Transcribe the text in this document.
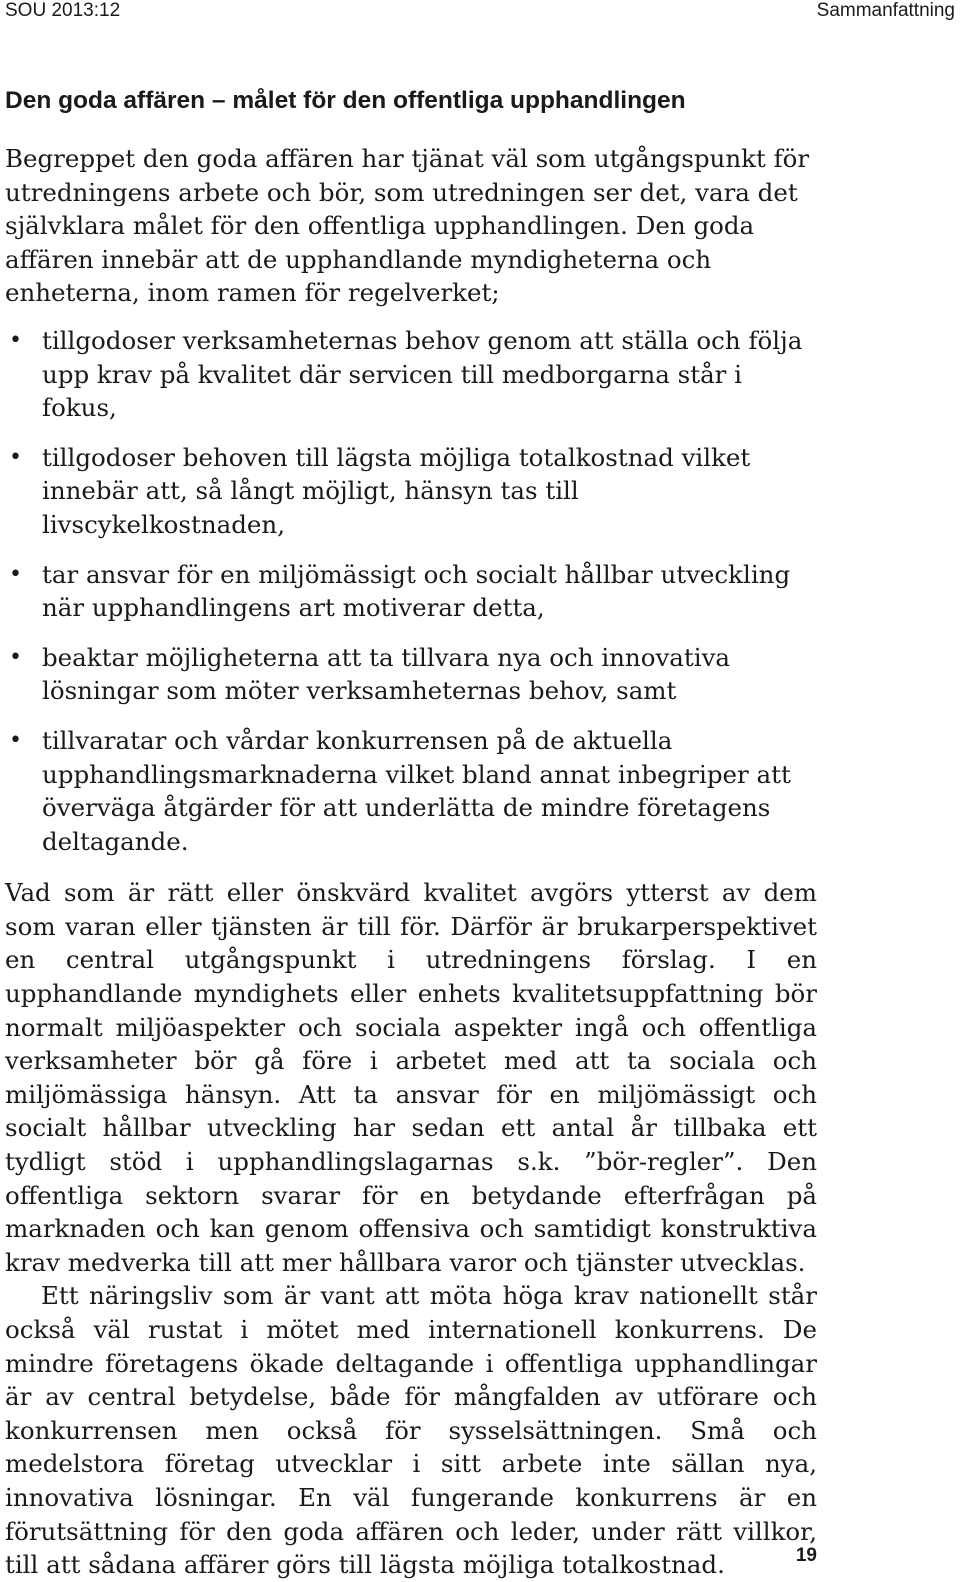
SOU 2013:12	Sammanfattning
Den goda affären – målet för den offentliga upphandlingen

Begreppet den goda affären har tjänat väl som utgångspunkt för utredningens arbete och bör, som utredningen ser det, vara det självklara målet för den offentliga upphandlingen. Den goda affären innebär att de upphandlande myndigheterna och enheterna, inom ramen för regelverket;

• tillgodoser verksamheternas behov genom att ställa och följa upp krav på kvalitet där servicen till medborgarna står i fokus,
• tillgodoser behoven till lägsta möjliga totalkostnad vilket innebär att, så långt möjligt, hänsyn tas till livscykelkostnaden,
• tar ansvar för en miljömässigt och socialt hållbar utveckling när upphandlingens art motiverar detta,
• beaktar möjligheterna att ta tillvara nya och innovativa lösningar som möter verksamheternas behov, samt
• tillvaratar och vårdar konkurrensen på de aktuella upphandlingsmarknaderna vilket bland annat inbegriper att överväga åtgärder för att underlätta de mindre företagens deltagande.

Vad som är rätt eller önskvärd kvalitet avgörs ytterst av dem som varan eller tjänsten är till för. Därför är brukarperspektivet en central utgångspunkt i utredningens förslag. I en upphandlande myndighets eller enhets kvalitetsuppfattning bör normalt miljöaspekter och sociala aspekter ingå och offentliga verksamheter bör gå före i arbetet med att ta sociala och miljömässiga hänsyn. Att ta ansvar för en miljömässigt och socialt hållbar utveckling har sedan ett antal år tillbaka ett tydligt stöd i upphandlingslagarnas s.k. ”bör-regler”. Den offentliga sektorn svarar för en betydande efterfrågan på marknaden och kan genom offensiva och samtidigt konstruktiva krav medverka till att mer hållbara varor och tjänster utvecklas.

Ett näringsliv som är vant att möta höga krav nationellt står också väl rustat i mötet med internationell konkurrens. De mindre företagens ökade deltagande i offentliga upphandlingar är av central betydelse, både för mångfalden av utförare och konkurrensen men också för sysselsättningen. Små och medelstora företag utvecklar i sitt arbete inte sällan nya, innovativa lösningar. En väl fungerande konkurrens är en förutsättning för den goda affären och leder, under rätt villkor, till att sådana affärer görs till lägsta möjliga totalkostnad.	19
